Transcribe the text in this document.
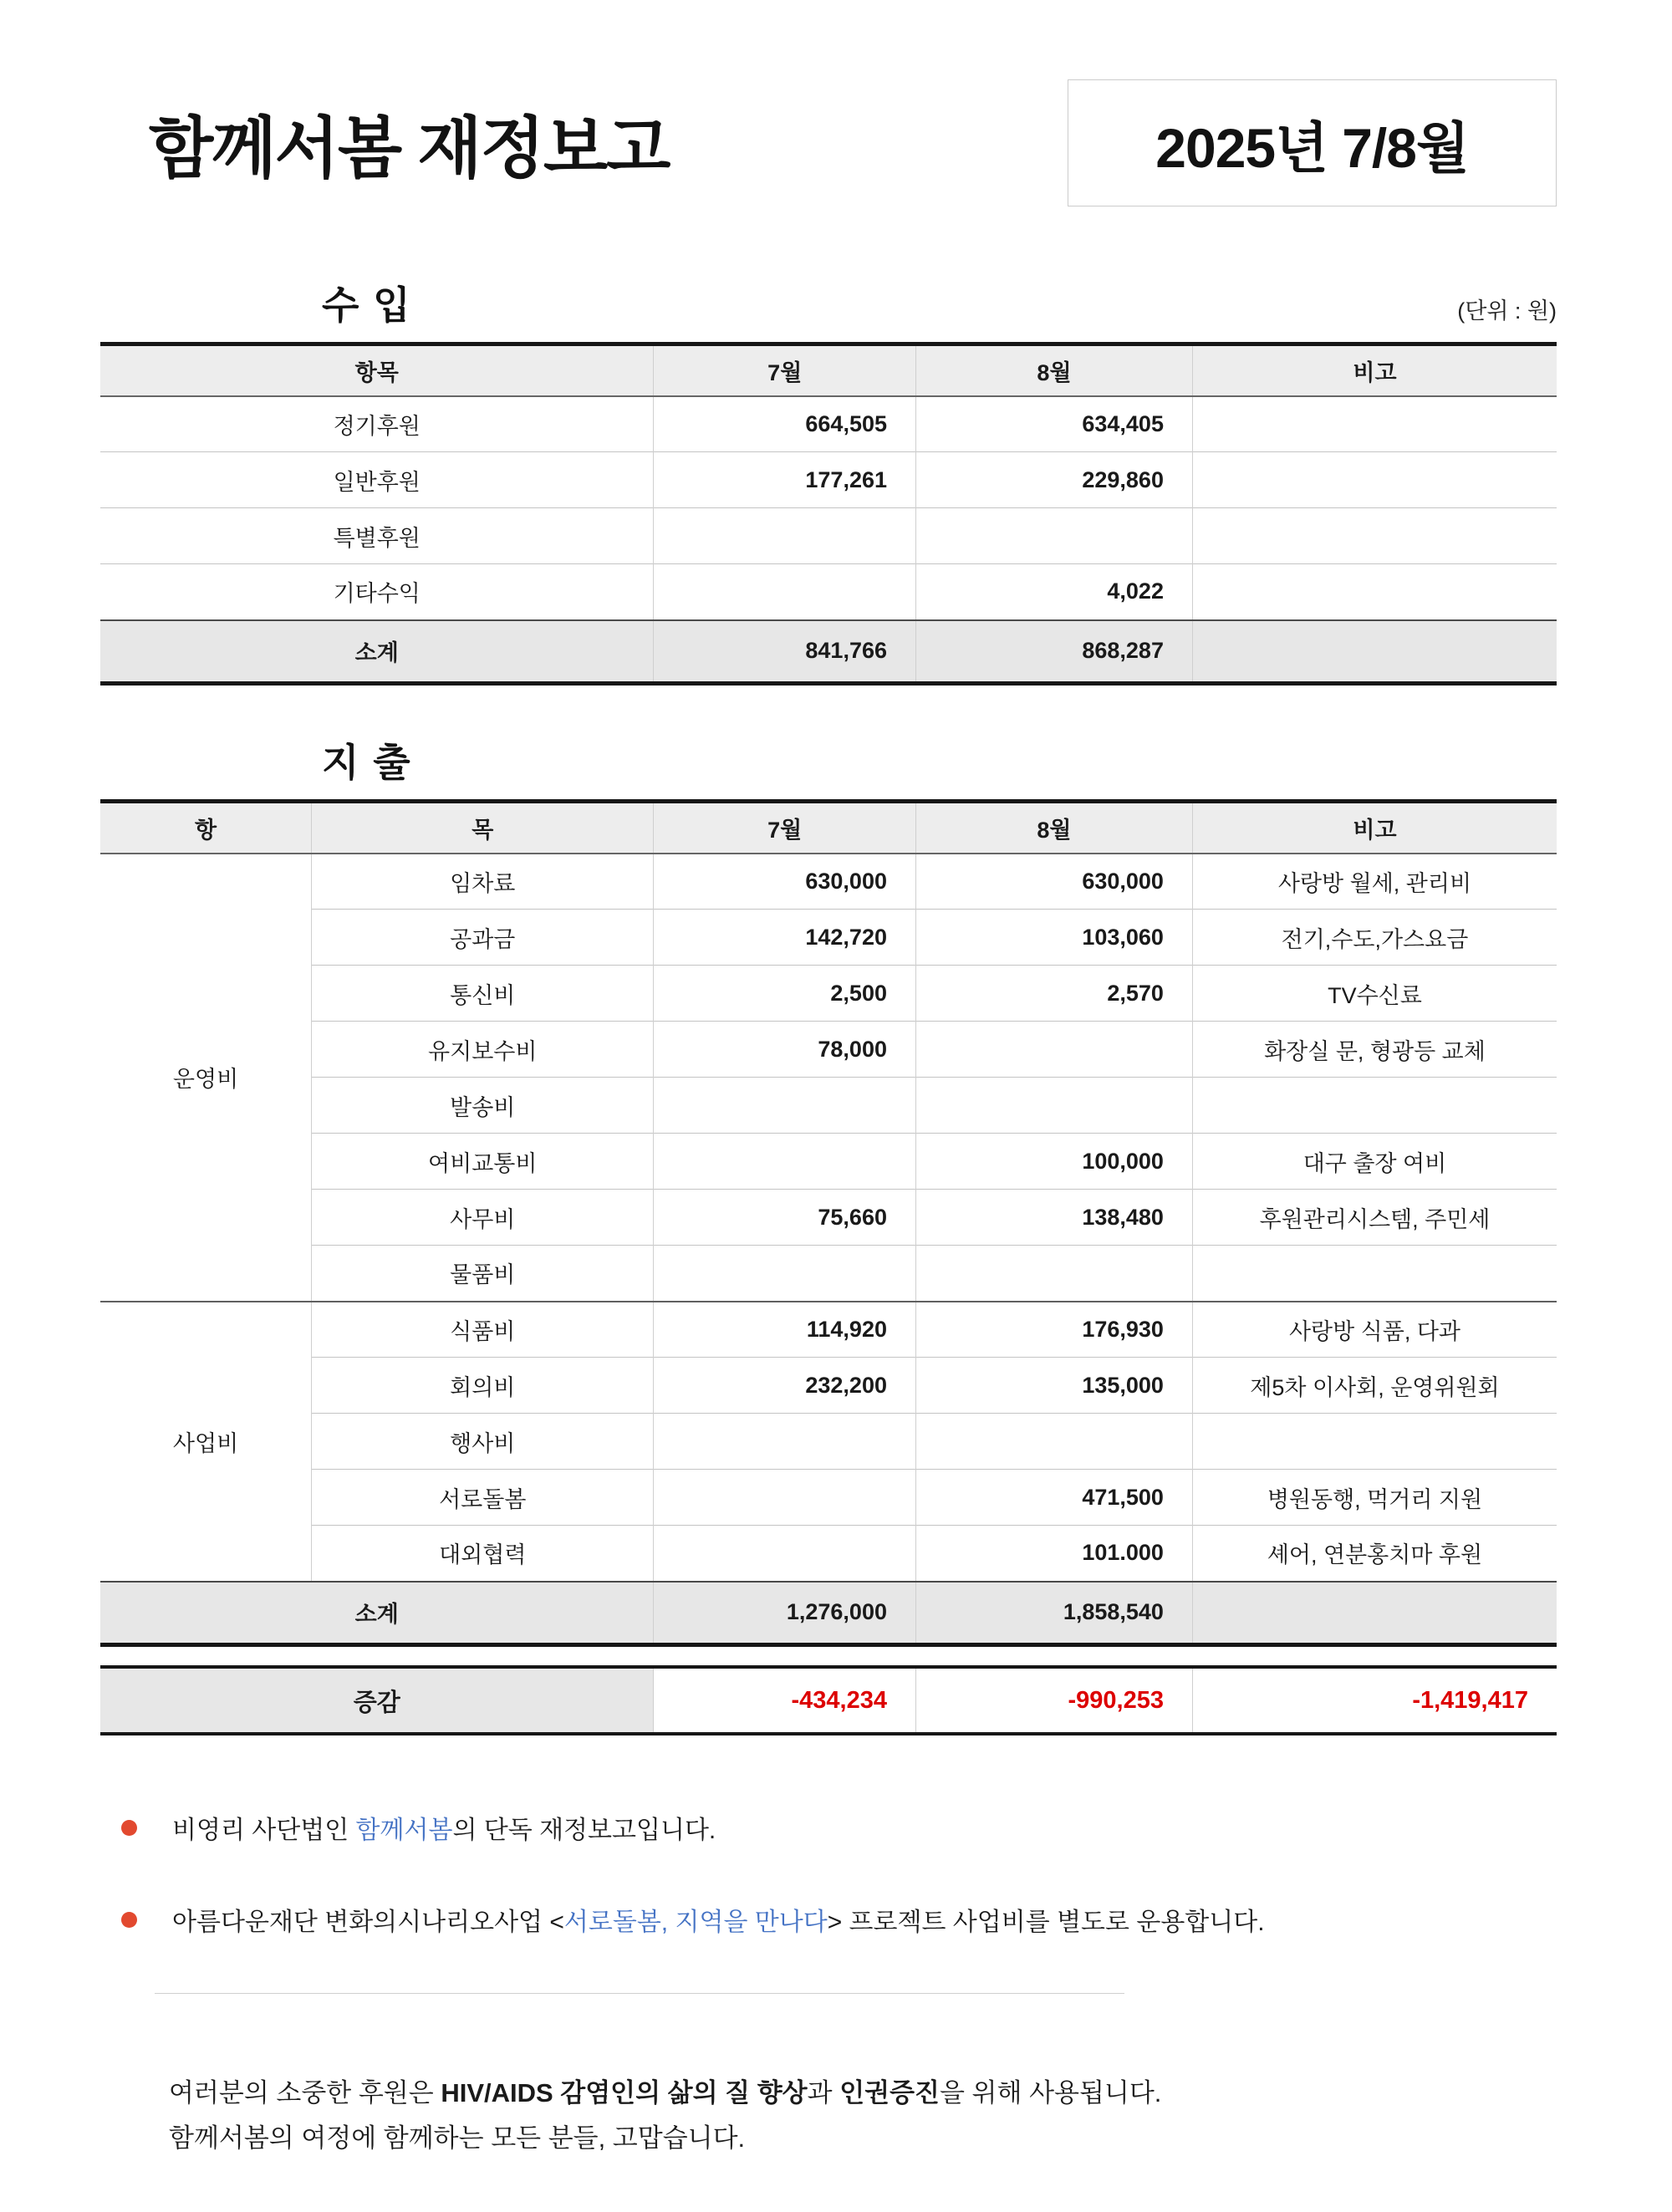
함께서봄 재정보고	2025년 7/8월
수 입	(단위 : 원)
항목	7월	8월	비고
정기후원	664,505	634,405	
일반후원	177,261	229,860	
특별후원			
기타수익		4,022	
소계	841,766	868,287	
지 출
항	목	7월	8월	비고
운영비	임차료	630,000	630,000	사랑방 월세, 관리비
	공과금	142,720	103,060	전기,수도,가스요금
	통신비	2,500	2,570	TV수신료
	유지보수비	78,000		화장실 문, 형광등 교체
	발송비			
	여비교통비		100,000	대구 출장 여비
	사무비	75,660	138,480	후원관리시스템, 주민세
	물품비			
사업비	식품비	114,920	176,930	사랑방 식품, 다과
	회의비	232,200	135,000	제5차 이사회, 운영위원회
	행사비			
	서로돌봄		471,500	병원동행, 먹거리 지원
	대외협력		101.000	셰어, 연분홍치마 후원
소계		1,276,000	1,858,540	
증감	-434,234	-990,253	-1,419,417

비영리 사단법인 함께서봄의 단독 재정보고입니다.

아름다운재단 변화의시나리오사업 <서로돌봄, 지역을 만나다> 프로젝트 사업비를 별도로 운용합니다.

여러분의 소중한 후원은 HIV/AIDS 감염인의 삶의 질 향상과 인권증진을 위해 사용됩니다.

함께서봄의 여정에 함께하는 모든 분들, 고맙습니다.
